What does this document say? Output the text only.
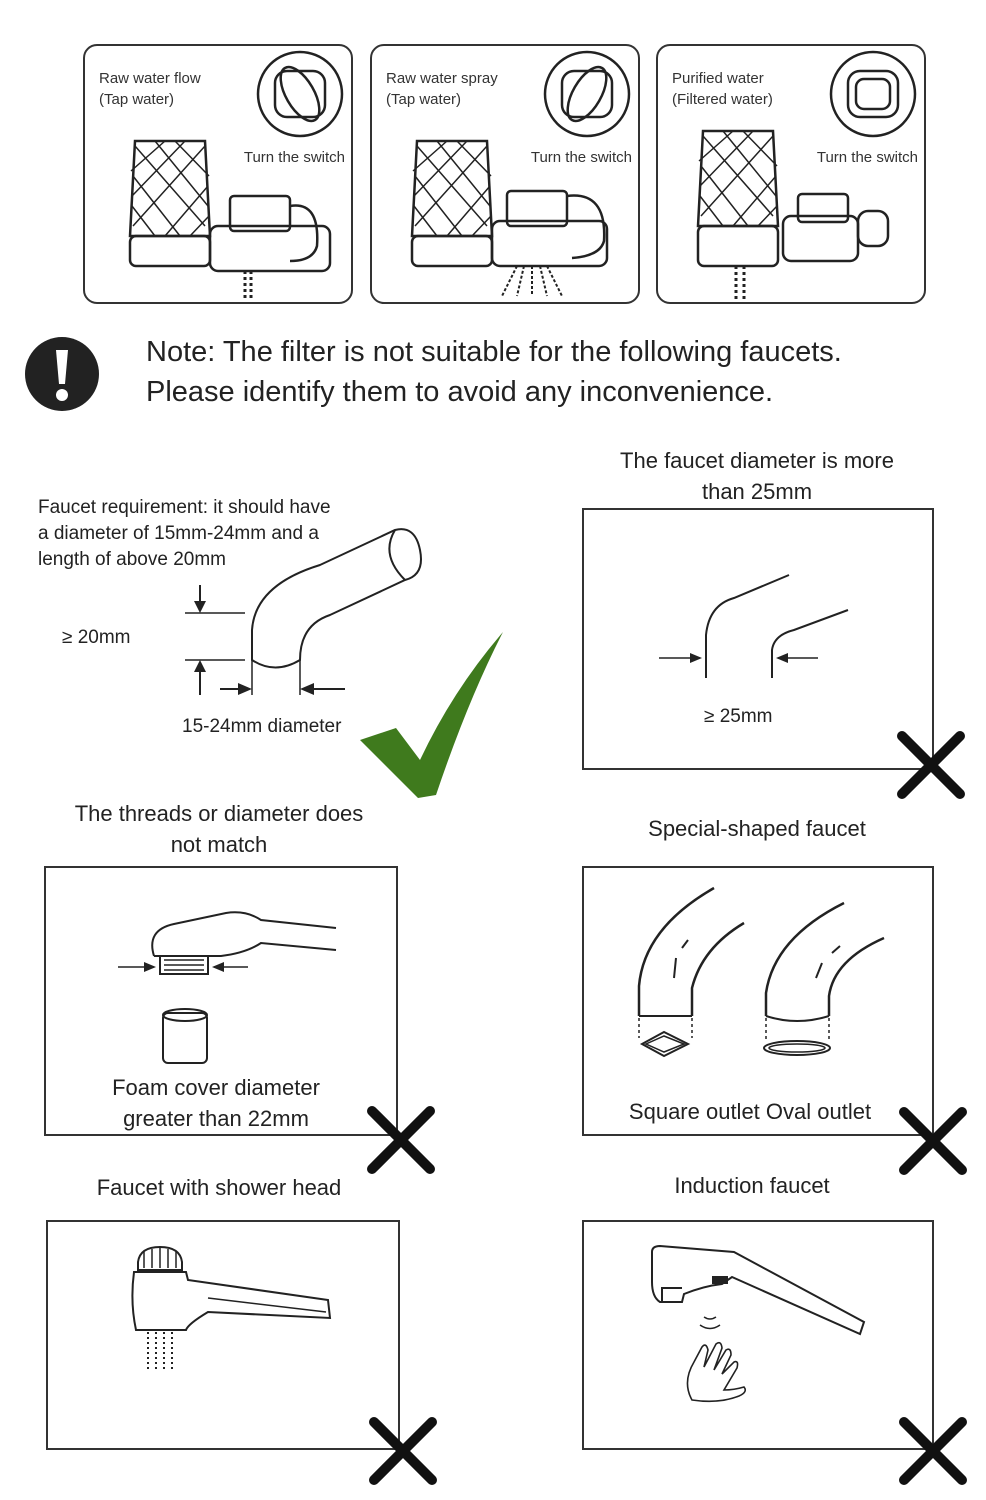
Raw water flow
(Tap water)
Turn the switch
Raw water spray
(Tap water)
Turn the switch
Purified water
(Filtered water)
Turn the switch
Note: The filter is not suitable for the following faucets.
Please identify them to avoid any inconvenience.
Faucet requirement: it should have
a diameter of 15mm-24mm and a
length of above 20mm
≥ 20mm
15-24mm diameter
The faucet diameter is more
than 25mm
≥ 25mm
The threads or diameter does
not match
Foam cover diameter
greater than 22mm
Special-shaped faucet
Square outlet Oval outlet
Faucet with shower head	Induction faucet
